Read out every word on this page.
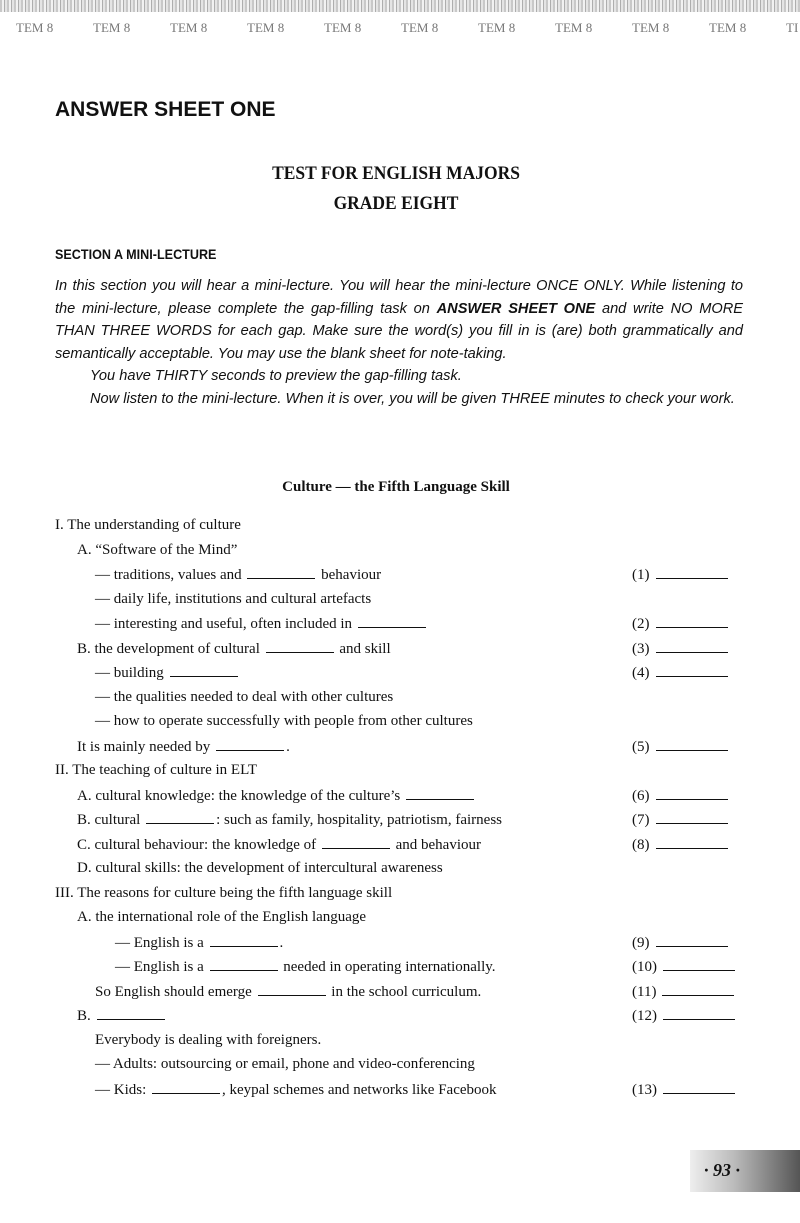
TEM 8	TEM 8	TEM 8	TEM 8	TEM 8	TEM 8	TEM 8	TEM 8	TEM 8	TEM 8	TI
ANSWER SHEET ONE
TEST FOR ENGLISH MAJORS
GRADE EIGHT
SECTION A MINI-LECTURE

In this section you will hear a mini-lecture. You will hear the mini-lecture ONCE ONLY. While listening to the mini-lecture, please complete the gap-filling task on ANSWER SHEET ONE and write NO MORE THAN THREE WORDS for each gap. Make sure the word(s) you fill in is (are) both grammatically and semantically acceptable. You may use the blank sheet for note-taking.

You have THIRTY seconds to preview the gap-filling task.

Now listen to the mini-lecture. When it is over, you will be given THREE minutes to check your work.

Culture — the Fifth Language Skill
I. The understanding of culture
A. “Software of the Mind”
— traditions, values and	behaviour	(1)
— daily life, institutions and cultural artefacts
— interesting and useful, often included in	(2)
B. the development of cultural	and skill	(3)
— building	(4)
— the qualities needed to deal with other cultures
— how to operate successfully with people from other cultures
It is mainly needed by	.	(5)
II. The teaching of culture in ELT
A. cultural knowledge: the knowledge of the culture’s	(6)
B. cultural	: such as family, hospitality, patriotism, fairness	(7)
C. cultural behaviour: the knowledge of	and behaviour	(8)
D. cultural skills: the development of intercultural awareness
III. The reasons for culture being the fifth language skill
A. the international role of the English language
— English is a	.	(9)
— English is a	needed in operating internationally.	(10)
So English should emerge	in the school curriculum.	(11)
B.	(12)
Everybody is dealing with foreigners.
— Adults: outsourcing or email, phone and video-conferencing
— Kids:	, keypal schemes and networks like Facebook	(13)
· 93 ·
